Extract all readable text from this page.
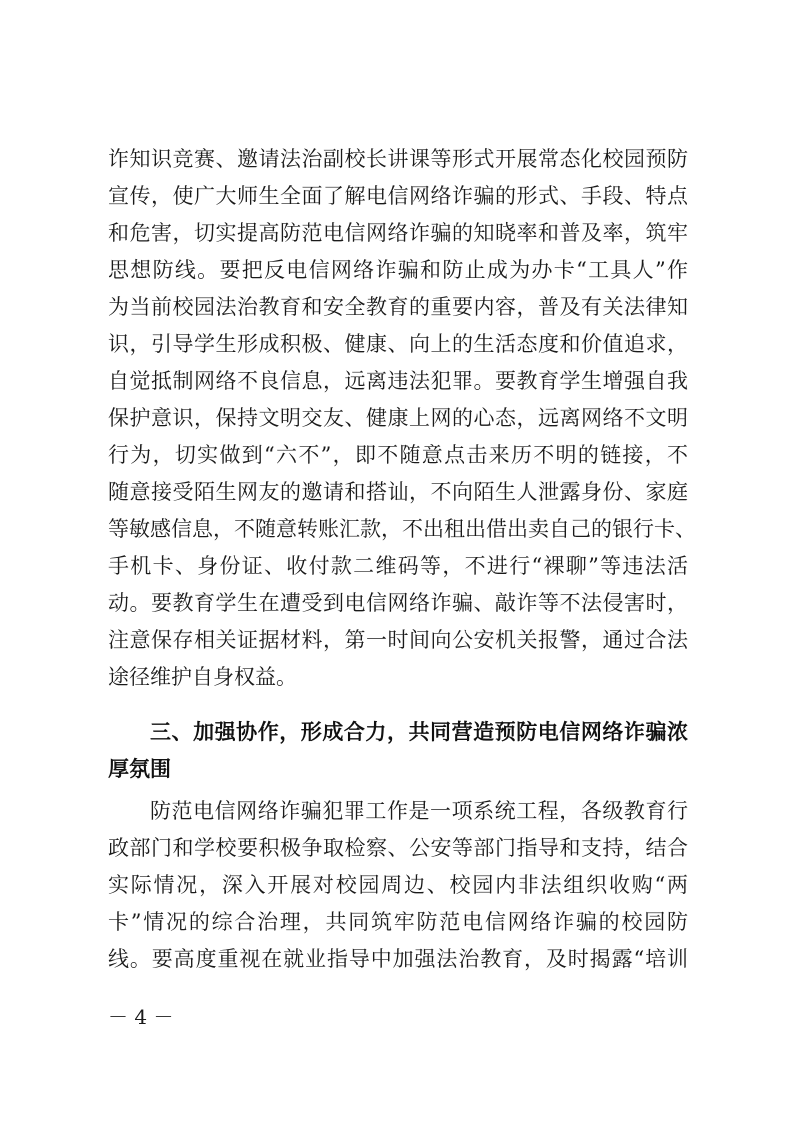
诈知识竞赛、邀请法治副校长讲课等形式开展常态化校园预防

宣传，使广大师生全面了解电信网络诈骗的形式、手段、特点

和危害，切实提高防范电信网络诈骗的知晓率和普及率，筑牢

思想防线。要把反电信网络诈骗和防止成为办卡“工具人”作

为当前校园法治教育和安全教育的重要内容，普及有关法律知

识，引导学生形成积极、健康、向上的生活态度和价值追求，

自觉抵制网络不良信息，远离违法犯罪。要教育学生增强自我

保护意识，保持文明交友、健康上网的心态，远离网络不文明

行为，切实做到“六不”，即不随意点击来历不明的链接，不

随意接受陌生网友的邀请和搭讪，不向陌生人泄露身份、家庭

等敏感信息，不随意转账汇款，不出租出借出卖自己的银行卡、

手机卡、身份证、收付款二维码等，不进行“裸聊”等违法活

动。要教育学生在遭受到电信网络诈骗、敲诈等不法侵害时，

注意保存相关证据材料，第一时间向公安机关报警，通过合法

途径维护自身权益。

三、加强协作，形成合力，共同营造预防电信网络诈骗浓

厚氛围

防范电信网络诈骗犯罪工作是一项系统工程，各级教育行

政部门和学校要积极争取检察、公安等部门指导和支持，结合

实际情况，深入开展对校园周边、校园内非法组织收购“两

卡”情况的综合治理，共同筑牢防范电信网络诈骗的校园防

线。要高度重视在就业指导中加强法治教育，及时揭露“培训

－ 4 －
